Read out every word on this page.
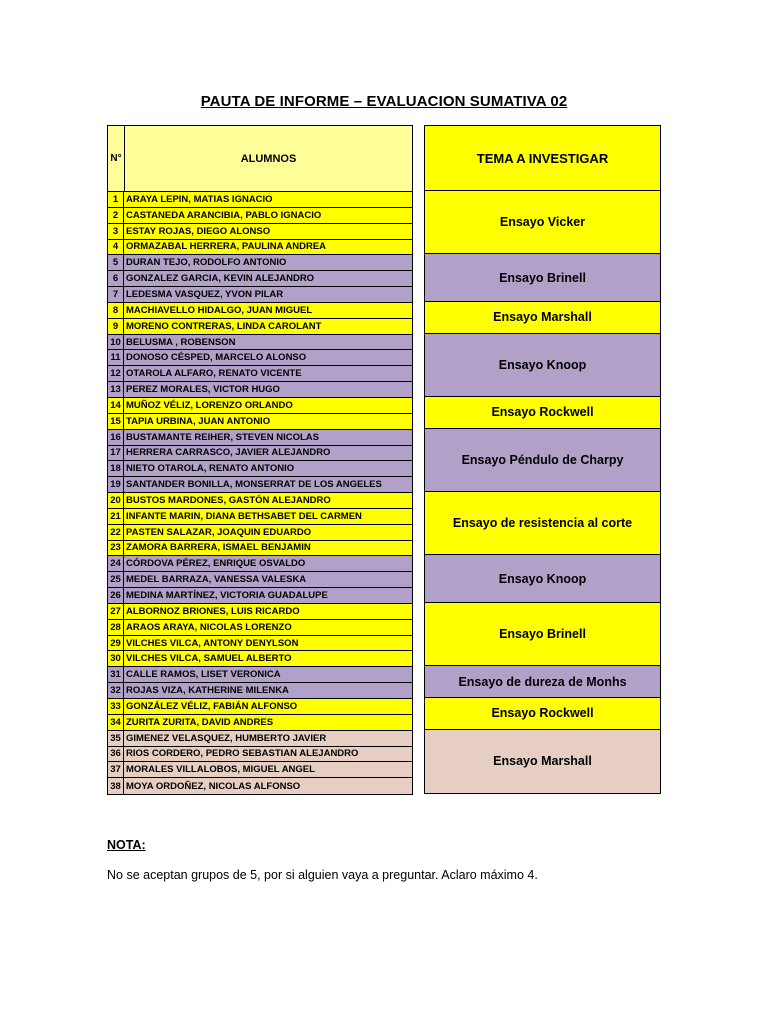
PAUTA DE INFORME – EVALUACION SUMATIVA 02
N°	ALUMNOS
1 ARAYA LEPIN, MATIAS IGNACIO
2 CASTANEDA ARANCIBIA, PABLO IGNACIO
3 ESTAY ROJAS, DIEGO ALONSO
4 ORMAZABAL HERRERA, PAULINA ANDREA
5 DURAN TEJO, RODOLFO ANTONIO
6 GONZALEZ GARCIA, KEVIN ALEJANDRO
7 LEDESMA VASQUEZ, YVON PILAR
8 MACHIAVELLO HIDALGO, JUAN MIGUEL
9 MORENO CONTRERAS, LINDA CAROLANT
10 BELUSMA , ROBENSON
11 DONOSO CÉSPED, MARCELO ALONSO
12 OTAROLA ALFARO, RENATO VICENTE
13 PEREZ MORALES, VICTOR HUGO
14 MUÑOZ VÉLIZ, LORENZO ORLANDO
15 TAPIA URBINA, JUAN ANTONIO
16 BUSTAMANTE REIHER, STEVEN NICOLAS
17 HERRERA CARRASCO, JAVIER ALEJANDRO
18 NIETO OTAROLA, RENATO ANTONIO
19 SANTANDER BONILLA, MONSERRAT DE LOS ANGELES
20 BUSTOS MARDONES, GASTÓN ALEJANDRO
21 INFANTE MARIN, DIANA BETHSABET DEL CARMEN
22 PASTEN SALAZAR, JOAQUIN EDUARDO
23 ZAMORA BARRERA, ISMAEL BENJAMIN
24 CÓRDOVA PÉREZ, ENRIQUE OSVALDO
25 MEDEL BARRAZA, VANESSA VALESKA
26 MEDINA MARTÍNEZ, VICTORIA GUADALUPE
27 ALBORNOZ BRIONES, LUIS RICARDO
28 ARAOS ARAYA, NICOLAS LORENZO
29 VILCHES VILCA, ANTONY DENYLSON
30 VILCHES VILCA, SAMUEL ALBERTO
31 CALLE RAMOS, LISET VERONICA
32 ROJAS VIZA, KATHERINE MILENKA
33 GONZÁLEZ VÉLIZ, FABIÁN ALFONSO
34 ZURITA ZURITA, DAVID ANDRES
35 GIMENEZ VELASQUEZ, HUMBERTO JAVIER
36 RIOS CORDERO, PEDRO SEBASTIAN ALEJANDRO
37 MORALES VILLALOBOS, MIGUEL ANGEL
38 MOYA ORDOÑEZ, NICOLAS ALFONSO
TEMA A INVESTIGAR
Ensayo Vicker
Ensayo Brinell
Ensayo Marshall
Ensayo Knoop
Ensayo Rockwell
Ensayo Péndulo de Charpy
Ensayo de resistencia al corte
Ensayo Knoop
Ensayo Brinell
Ensayo de dureza de Monhs
Ensayo Rockwell
Ensayo Marshall
NOTA:
No se aceptan grupos de 5, por si alguien vaya a preguntar. Aclaro máximo 4.
